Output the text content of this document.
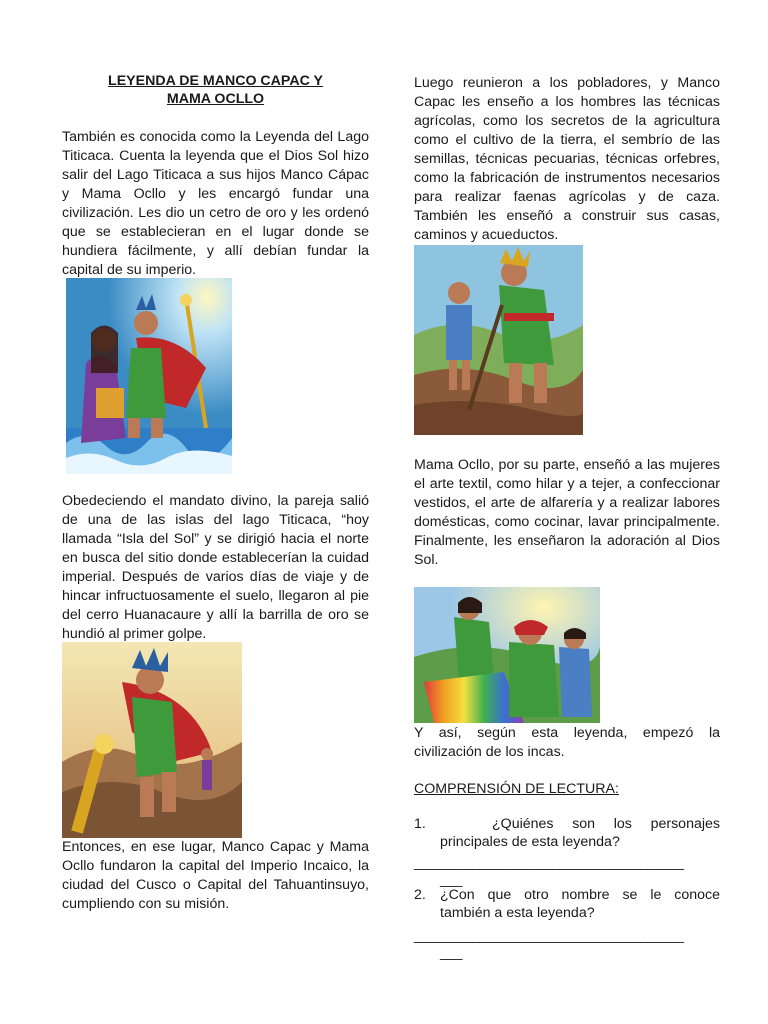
LEYENDA DE MANCO CAPAC Y
MAMA OCLLO

También es conocida como la Leyenda del Lago Titicaca. Cuenta la leyenda que el Dios Sol hizo salir del Lago Titicaca a sus hijos Manco Cápac y Mama Ocllo y les encargó fundar una civilización. Les dio un cetro de oro y les ordenó que se establecieran en el lugar donde se hundiera fácilmente, y allí debían fundar la capital de su imperio.

Obedeciendo el mandato divino, la pareja salió de una de las islas del lago Titicaca, “hoy llamada “Isla del Sol” y se dirigió hacia el norte en busca del sitio donde establecerían la cuidad imperial. Después de varios días de viaje y de hincar infructuosamente el suelo, llegaron al pie del cerro Huanacaure y allí la barrilla de oro se hundió al primer golpe.

Entonces, en ese lugar, Manco Capac y Mama Ocllo fundaron la capital del Imperio Incaico, la ciudad del Cusco o Capital del Tahuantinsuyo, cumpliendo con su misión.

Luego reunieron a los pobladores, y Manco Capac les enseño a los hombres las técnicas agrícolas, como los secretos de la agricultura como el cultivo de la tierra, el sembrío de las semillas, técnicas pecuarias, técnicas orfebres, como la fabricación de instrumentos necesarios para realizar faenas agrícolas y de caza. También les enseñó a construir sus casas, caminos y acueductos.

Mama Ocllo, por su parte, enseñó a las mujeres el arte textil, como hilar y a tejer, a confeccionar vestidos, el arte de alfarería y a realizar labores domésticas, como cocinar, lavar principalmente. Finalmente, les enseñaron la adoración al Dios Sol.

Y así, según esta leyenda, empezó la civilización de los incas.

COMPRENSIÓN DE LECTURA:
1.	¿Quiénes son los personajes principales de esta leyenda?
_____________________________________
___
2. ¿Con que otro nombre se le conoce también a esta leyenda?
_____________________________________
___
